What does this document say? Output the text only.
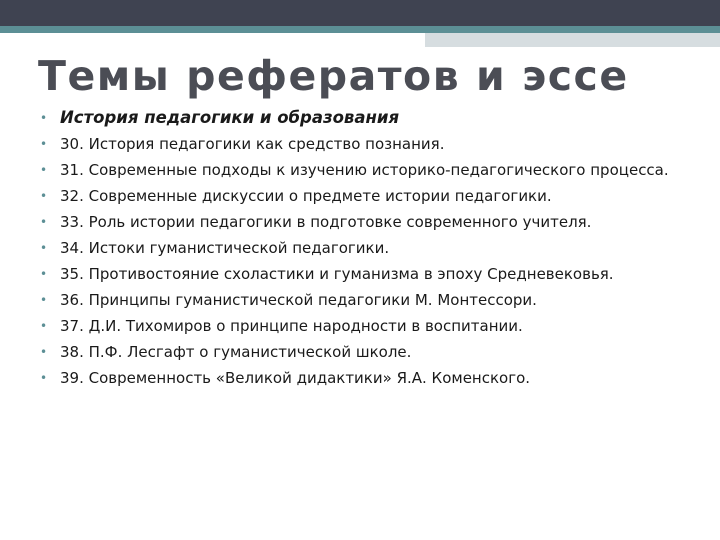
Темы рефератов и эссе
• История педагогики и образования
• 30. История педагогики как средство познания.
• 31. Современные подходы к изучению историко-педагогического процесса.
• 32. Современные дискуссии о предмете истории педагогики.
• 33. Роль истории педагогики в подготовке современного учителя.
• 34. Истоки гуманистической педагогики.
• 35. Противостояние схоластики и гуманизма в эпоху Средневековья.
• 36. Принципы гуманистической педагогики М. Монтессори.
• 37. Д.И. Тихомиров о принципе народности в воспитании.
• 38. П.Ф. Лесгафт о гуманистической школе.
• 39. Современность «Великой дидактики» Я.А. Коменского.
